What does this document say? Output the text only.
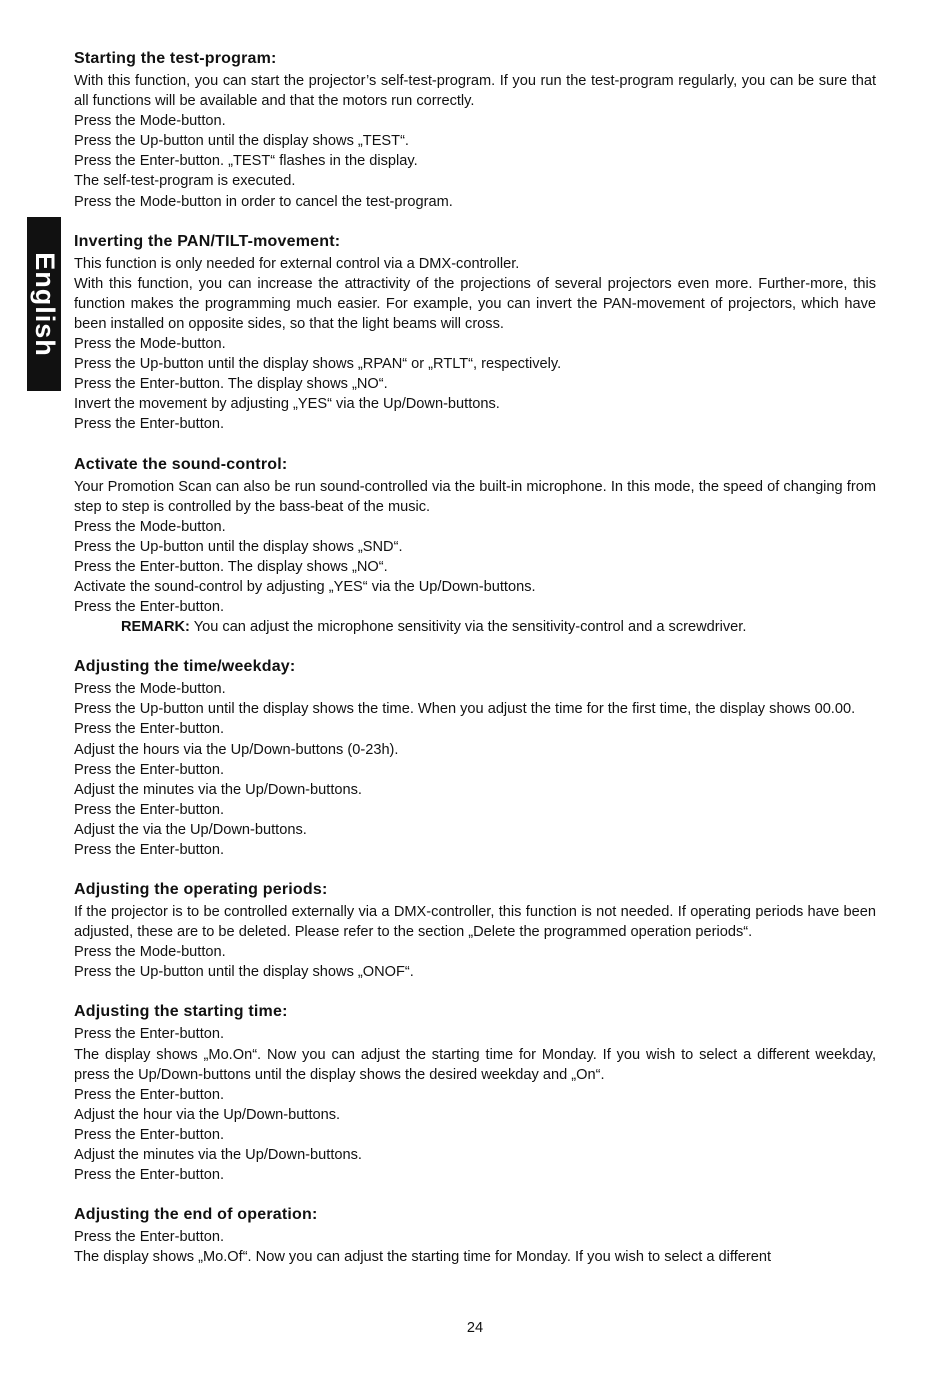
English
Starting the test-program:

With this function, you can start the projector’s self-test-program. If you run the test-program regularly, you can be sure that all functions will be available and that the motors run correctly.

Press the Mode-button.

Press the Up-button until the display shows „TEST“.

Press the Enter-button. „TEST“ flashes in the display.

The self-test-program is executed.

Press the Mode-button in order to cancel the test-program.

Inverting the PAN/TILT-movement:

This function is only needed for external control via a DMX-controller.

With this function, you can increase the attractivity of the projections of several projectors even more. Further-more, this function makes the programming much easier. For example, you can invert the PAN-movement of projectors, which have been installed on opposite sides, so that the light beams will cross.

Press the Mode-button.

Press the Up-button until the display shows „RPAN“ or „RTLT“, respectively.

Press the Enter-button. The display shows „NO“.

Invert the movement by adjusting „YES“ via the Up/Down-buttons.

Press the Enter-button.

Activate the sound-control:

Your Promotion Scan can also be run sound-controlled via the built-in microphone. In this mode, the speed of changing from step to step is controlled by the bass-beat of the music.

Press the Mode-button.

Press the Up-button until the display shows „SND“.

Press the Enter-button. The display shows „NO“.

Activate the sound-control by adjusting „YES“ via the Up/Down-buttons.

Press the Enter-button.

REMARK: You can adjust the microphone sensitivity via the sensitivity-control and a screwdriver.

Adjusting the time/weekday:

Press the Mode-button.

Press the Up-button until the display shows the time. When you adjust the time for the first time, the display shows 00.00.

Press the Enter-button.

Adjust the hours via the Up/Down-buttons (0-23h).

Press the Enter-button.

Adjust the minutes via the Up/Down-buttons.

Press the Enter-button.

Adjust the via the Up/Down-buttons.

Press the Enter-button.

Adjusting the operating periods:

If the projector is to be controlled externally via a DMX-controller, this function is not needed. If operating periods have been adjusted, these are to be deleted. Please refer to the section „Delete the programmed operation periods“.

Press the Mode-button.

Press the Up-button until the display shows „ONOF“.

Adjusting the starting time:

Press the Enter-button.

The display shows „Mo.On“. Now you can adjust the starting time for Monday. If you wish to select a different weekday, press the Up/Down-buttons until the display shows the desired weekday and „On“.

Press the Enter-button.

Adjust the hour via the Up/Down-buttons.

Press the Enter-button.

Adjust the minutes via the Up/Down-buttons.

Press the Enter-button.

Adjusting the end of operation:

Press the Enter-button.

The display shows „Mo.Of“. Now you can adjust the starting time for Monday. If you wish to select a different

24
